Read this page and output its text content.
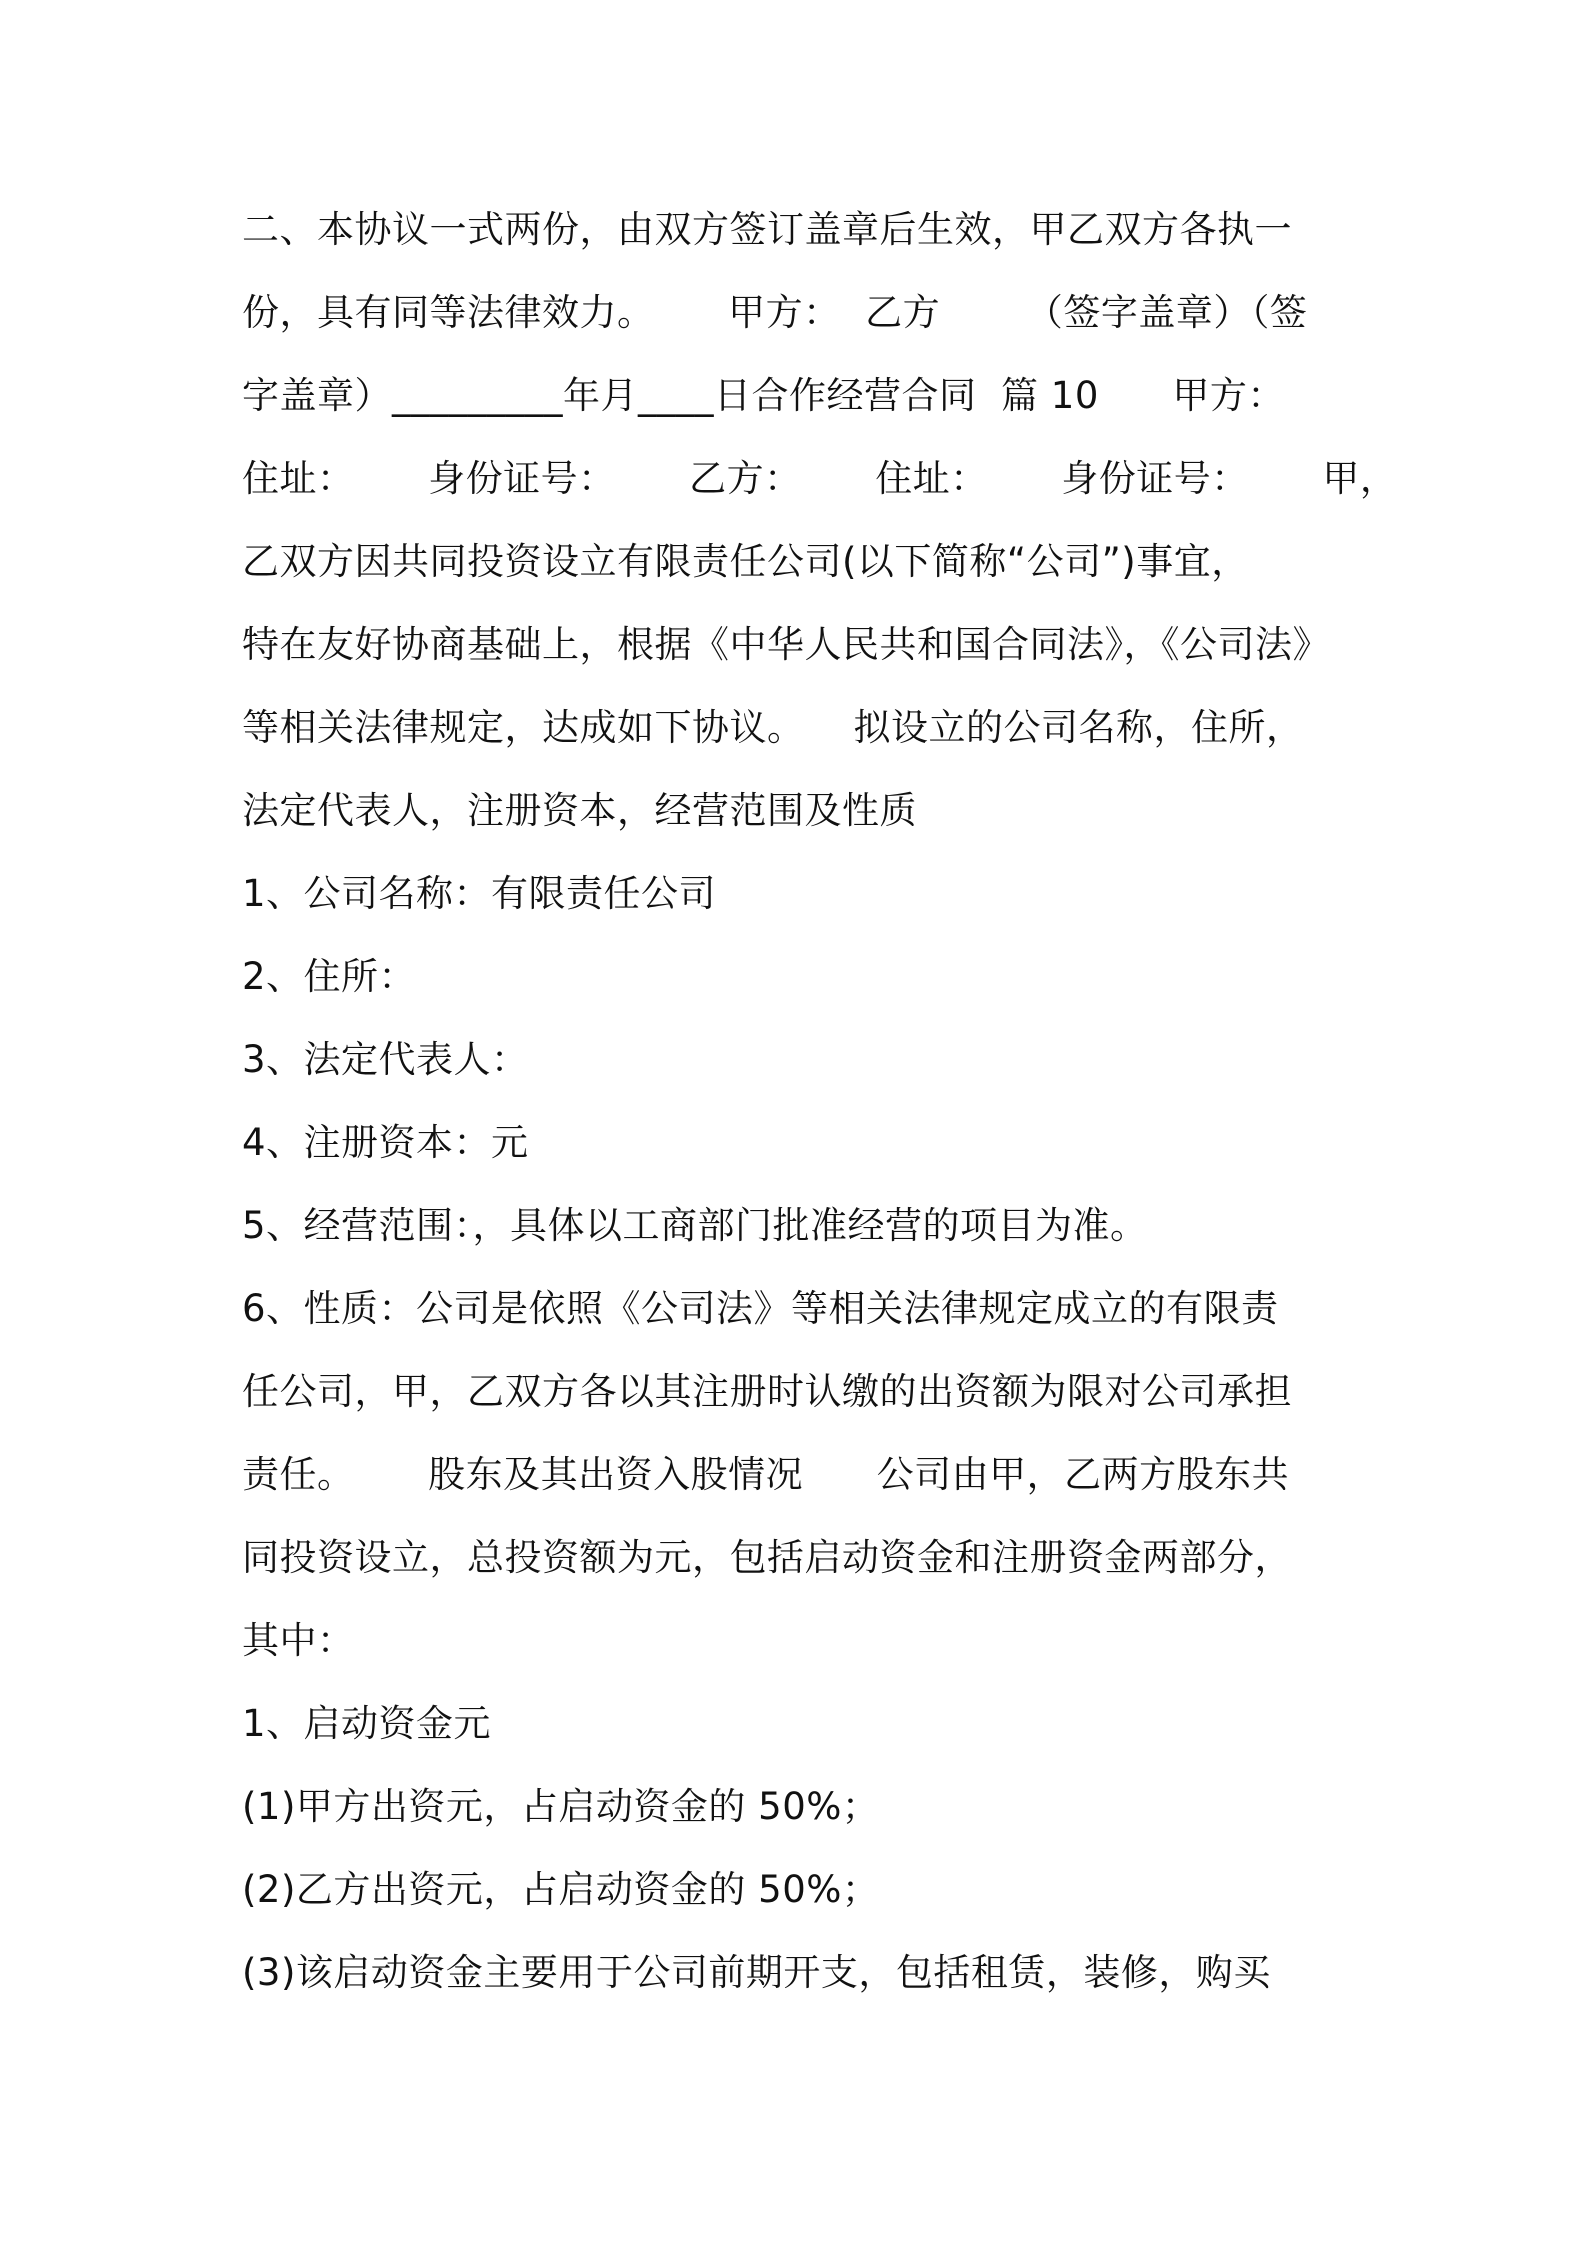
二、本协议一式两份，由双方签订盖章后生效，甲乙双方各执一
份，具有同等法律效力。      甲方：  乙方       （签字盖章）（签
字盖章）_________年月____日合作经营合同  篇 10      甲方：
住址：      身份证号：      乙方：      住址：      身份证号：      甲，
乙双方因共同投资设立有限责任公司(以下简称“公司”)事宜，
特在友好协商基础上，根据《中华人民共和国合同法》，《公司法》
等相关法律规定，达成如下协议。    拟设立的公司名称，住所，
法定代表人，注册资本，经营范围及性质
1、公司名称：有限责任公司
2、住所：
3、法定代表人：
4、注册资本：元
5、经营范围：，具体以工商部门批准经营的项目为准。
6、性质：公司是依照《公司法》等相关法律规定成立的有限责
任公司，甲，乙双方各以其注册时认缴的出资额为限对公司承担
责任。      股东及其出资入股情况      公司由甲，乙两方股东共
同投资设立，总投资额为元，包括启动资金和注册资金两部分，
其中：
1、启动资金元
(1)甲方出资元，占启动资金的 50%；
(2)乙方出资元，占启动资金的 50%；
(3)该启动资金主要用于公司前期开支，包括租赁，装修，购买
